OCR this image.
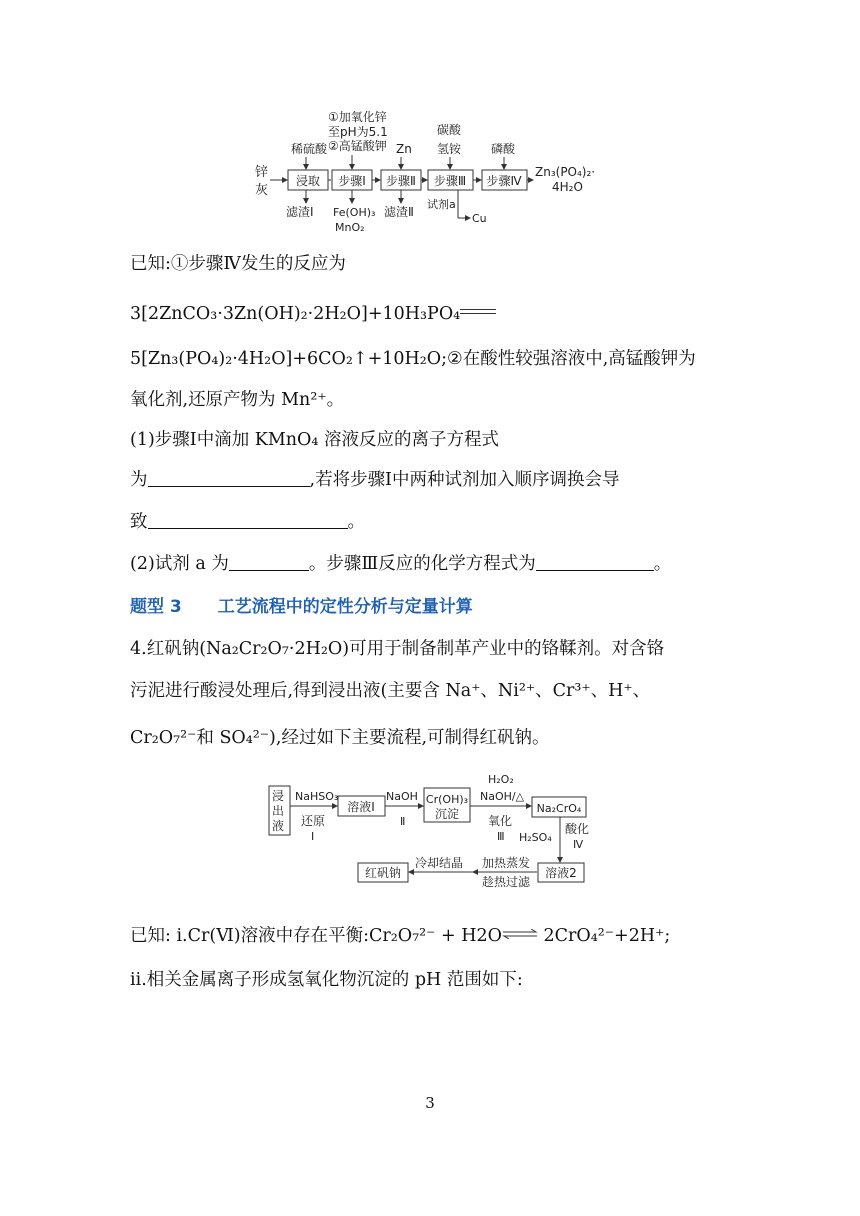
锌
灰
浸取 步骤Ⅰ 步骤Ⅱ 步骤Ⅲ 步骤Ⅳ
稀硫酸
①加氧化锌
至pH为5.1
②高锰酸钾 Zn
碳酸
氢铵 磷酸
滤渣Ⅰ Fe(OH)₃
MnO₂
滤渣Ⅱ
试剂a
Cu
Zn₃(PO₄)₂·
4H₂O
已知:①步骤Ⅳ发生的反应为
3[2ZnCO₃·3Zn(OH)₂·2H₂O]+10H₃PO₄
5[Zn₃(PO₄)₂·4H₂O]+6CO₂↑+10H₂O;②在酸性较强溶液中,高锰酸钾为
氧化剂,还原产物为 Mn²⁺。
(1)步骤Ⅰ中滴加 KMnO₄ 溶液反应的离子方程式
为	,若将步骤Ⅰ中两种试剂加入顺序调换会导
致	。
(2)试剂 a 为	。步骤Ⅲ反应的化学方程式为	。
题型 3 工艺流程中的定性分析与定量计算
4.红矾钠(Na₂Cr₂O₇·2H₂O)可用于制备制革产业中的铬鞣剂。对含铬
污泥进行酸浸处理后,得到浸出液(主要含 Na⁺、Ni²⁺、Cr³⁺、H⁺、
Cr₂O₇²⁻和 SO₄²⁻),经过如下主要流程,可制得红矾钠。
浸
出
液
溶液Ⅰ
Cr(OH)₃
沉淀	Na₂CrO₄
溶液2
红矾钠
NaHSO₃
还原
Ⅰ
NaOH
Ⅱ
H₂O₂
NaOH/△
氧化
Ⅲ H₂SO₄
酸化
Ⅳ
加热蒸发
趁热过滤
冷却结晶
已知: ⅰ.Cr(Ⅵ)溶液中存在平衡:Cr₂O₇²⁻ + H2O⇌ 2CrO₄²⁻+2H⁺;
ⅱ.相关金属离子形成氢氧化物沉淀的 pH 范围如下:
3
